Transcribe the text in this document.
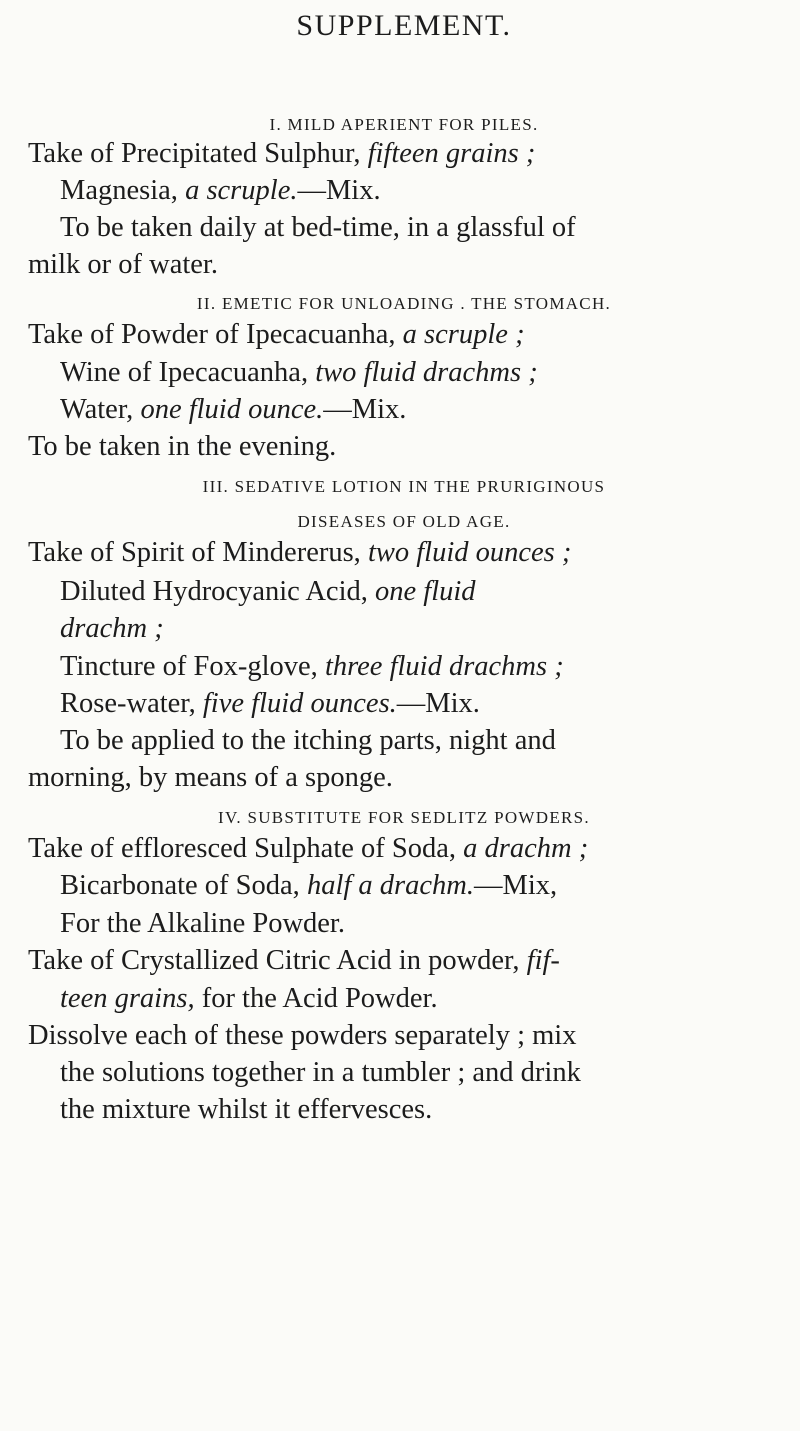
SUPPLEMENT.
I. MILD APERIENT FOR PILES.
Take of Precipitated Sulphur, fifteen grains ;
Magnesia, a scruple.—Mix.
To be taken daily at bed-time, in a glassful of
milk or of water.
II. EMETIC FOR UNLOADING . THE STOMACH.
Take of Powder of Ipecacuanha, a scruple ;
Wine of Ipecacuanha, two fluid drachms ;
Water, one fluid ounce.—Mix.
To be taken in the evening.
III. SEDATIVE LOTION IN THE PRURIGINOUS
DISEASES OF OLD AGE.
Take of Spirit of Mindererus, two fluid ounces ;
Diluted Hydrocyanic Acid, one fluid
drachm ;
Tincture of Fox-glove, three fluid drachms ;
Rose-water, five fluid ounces.—Mix.
To be applied to the itching parts, night and
morning, by means of a sponge.
IV. SUBSTITUTE FOR SEDLITZ POWDERS.
Take of effloresced Sulphate of Soda, a drachm ;
Bicarbonate of Soda, half a drachm.—Mix,
For the Alkaline Powder.
Take of Crystallized Citric Acid in powder, fif-
teen grains, for the Acid Powder.
Dissolve each of these powders separately ; mix
the solutions together in a tumbler ; and drink
the mixture whilst it effervesces.
